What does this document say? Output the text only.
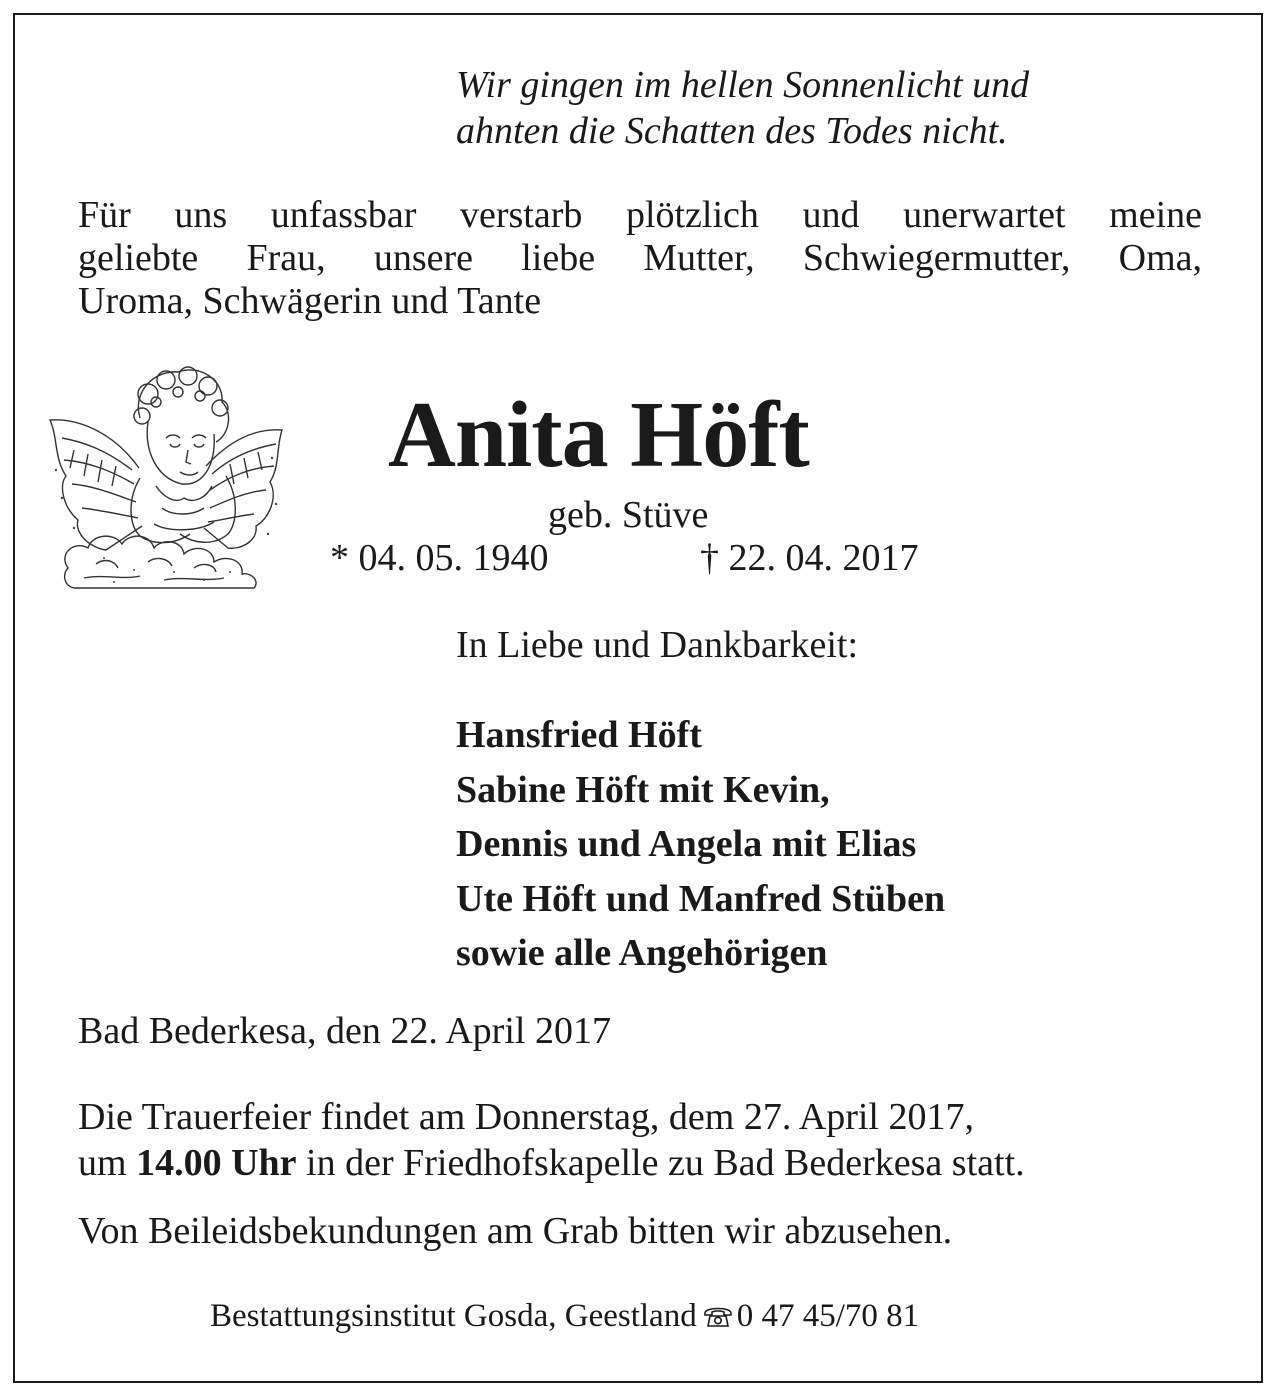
Wir gingen im hellen Sonnenlicht und
ahnten die Schatten des Todes nicht.
Für uns unfassbar verstarb plötzlich und unerwartet meine
geliebte Frau, unsere liebe Mutter, Schwiegermutter, Oma,
Uroma, Schwägerin und Tante
Anita Höft
geb. Stüve
* 04. 05. 1940	† 22. 04. 2017
In Liebe und Dankbarkeit:
Hansfried Höft
Sabine Höft mit Kevin,
Dennis und Angela mit Elias
Ute Höft und Manfred Stüben
sowie alle Angehörigen
Bad Bederkesa, den 22. April 2017
Die Trauerfeier findet am Donnerstag, dem 27. April 2017,
um 14.00 Uhr in der Friedhofskapelle zu Bad Bederkesa statt.
Von Beileidsbekundungen am Grab bitten wir abzusehen.
Bestattungsinstitut Gosda, Geestland 0 47 45/70 81
